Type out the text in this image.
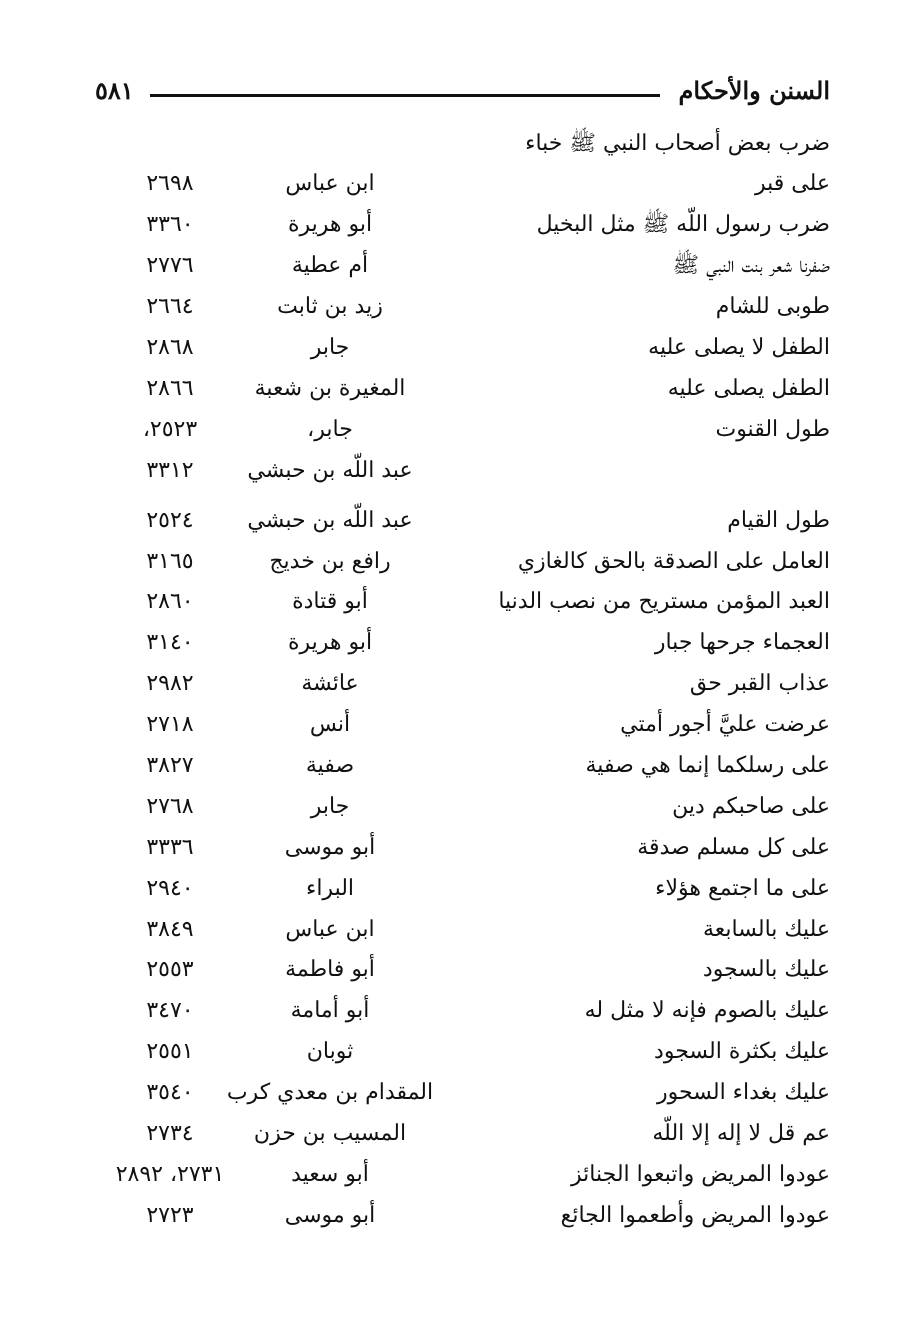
السنن والأحكام
٥٨١
ضرب بعض أصحاب النبي ﷺ خباء
على قبر
ابن عباس
٢٦٩٨
ضرب رسول اللّه ﷺ مثل البخيل
أبو هريرة
٣٣٦٠
ضفرنا شعر بنت النبي ﷺ
أم عطية
٢٧٧٦
طوبى للشام
زيد بن ثابت
٢٦٦٤
الطفل لا يصلى عليه
جابر
٢٨٦٨
الطفل يصلى عليه
المغيرة بن شعبة
٢٨٦٦
طول القنوت
جابر،
٢٥٢٣،
عبد اللّه بن حبشي
٣٣١٢
طول القيام
عبد اللّه بن حبشي
٢٥٢٤
العامل على الصدقة بالحق كالغازي
رافع بن خديج
٣١٦٥
العبد المؤمن مستريح من نصب الدنيا
أبو قتادة
٢٨٦٠
العجماء جرحها جبار
أبو هريرة
٣١٤٠
عذاب القبر حق
عائشة
٢٩٨٢
عرضت عليَّ أجور أمتي
أنس
٢٧١٨
على رسلكما إنما هي صفية
صفية
٣٨٢٧
على صاحبكم دين
جابر
٢٧٦٨
على كل مسلم صدقة
أبو موسى
٣٣٣٦
على ما اجتمع هؤلاء
البراء
٢٩٤٠
عليك بالسابعة
ابن عباس
٣٨٤٩
عليك بالسجود
أبو فاطمة
٢٥٥٣
عليك بالصوم فإنه لا مثل له
أبو أمامة
٣٤٧٠
عليك بكثرة السجود
ثوبان
٢٥٥١
عليك بغداء السحور
المقدام بن معدي كرب
٣٥٤٠
عم قل لا إله إلا اللّه
المسيب بن حزن
٢٧٣٤
عودوا المريض واتبعوا الجنائز
أبو سعيد
٢٧٣١، ٢٨٩٢
عودوا المريض وأطعموا الجائع
أبو موسى
٢٧٢٣
